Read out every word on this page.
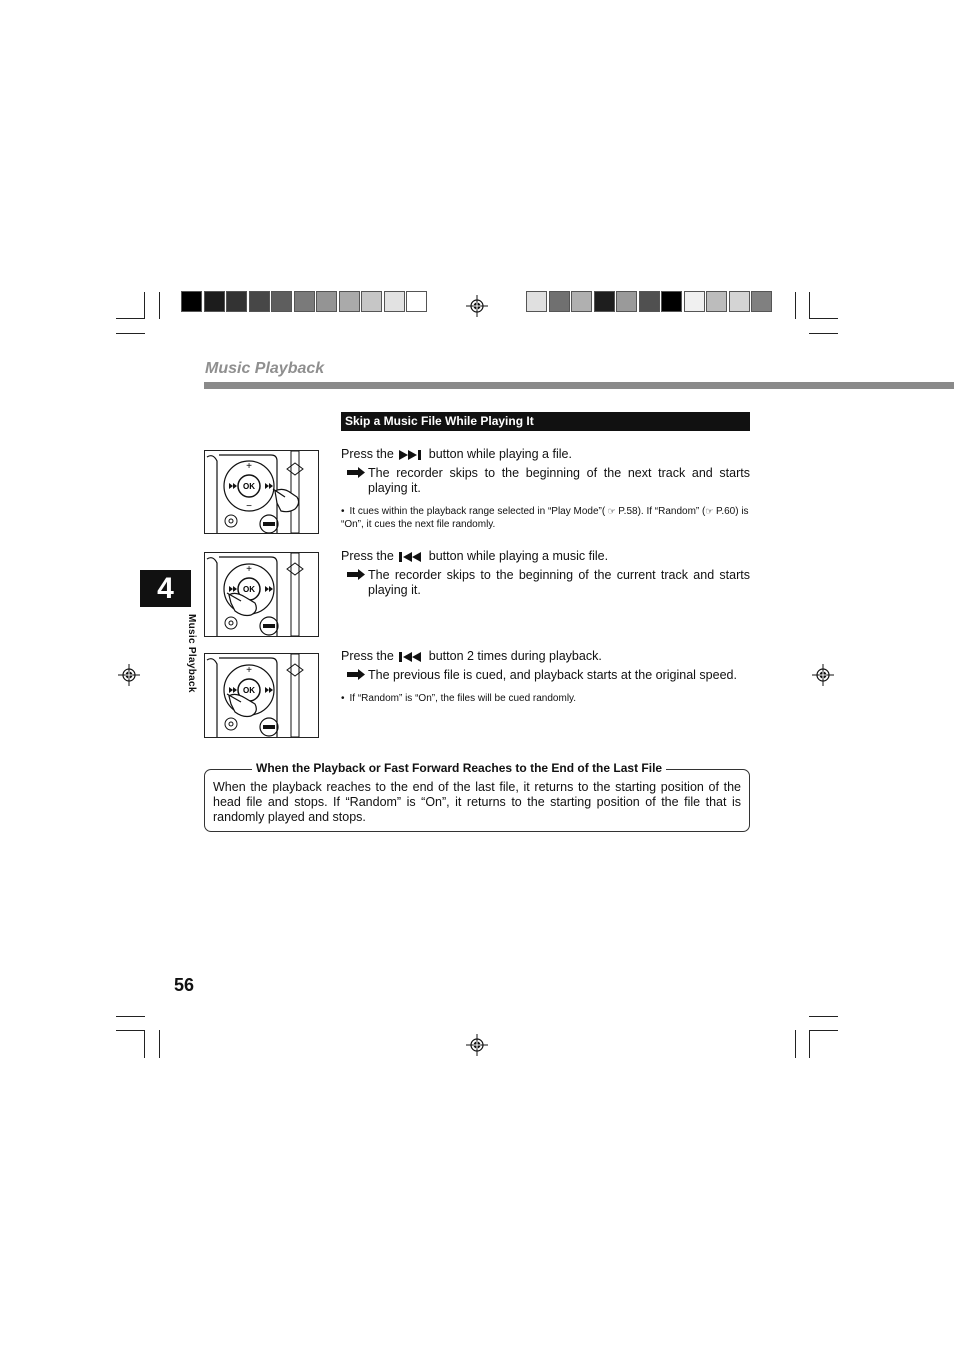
Music Playback
Skip a Music File While Playing It
4
Music Playback
OK
+
−
OK
+
OK
+
Press the	button while playing a file.
The recorder skips to the beginning of the next track and starts playing it.
• It cues within the playback range selected in “Play Mode”( ☞ P.58). If “Random” (☞ P.60) is “On”, it cues the next file randomly.
Press the	button while playing a music file.
The recorder skips to the beginning of the current track and starts playing it.
Press the	button 2 times during playback.
The previous file is cued, and playback starts at the original speed.
• If “Random” is “On”, the files will be cued randomly.
When the Playback or Fast Forward Reaches to the End of the Last File
When the playback reaches to the end of the last file, it returns to the starting position of the head file and stops. If “Random” is “On”, it returns to the starting position of the file that is randomly played and stops.
56
